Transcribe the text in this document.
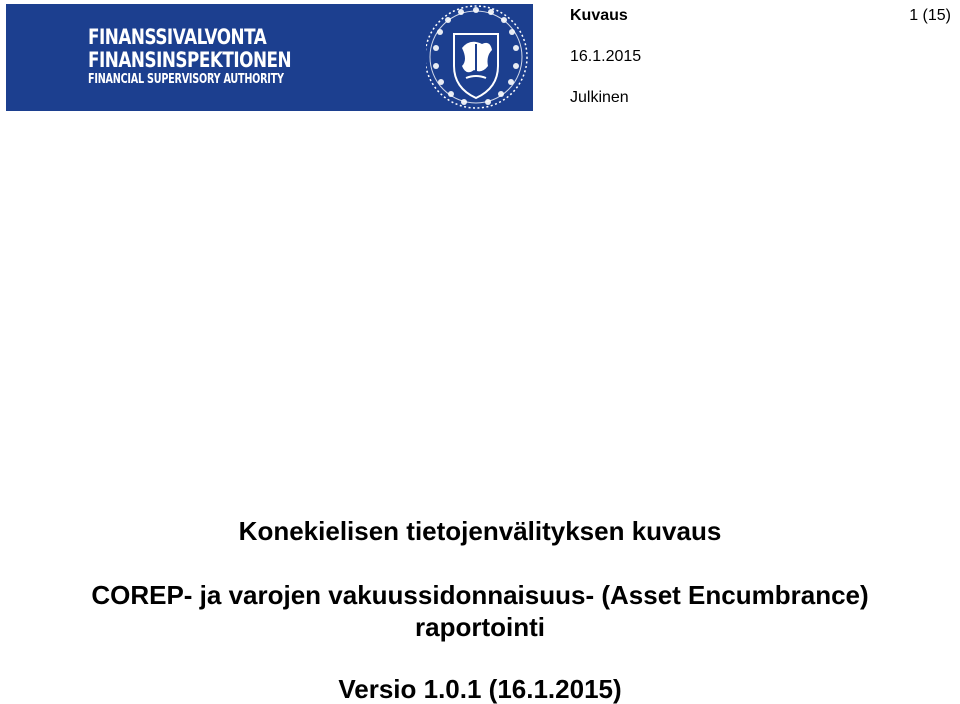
FINANSSIVALVONTA
FINANSINSPEKTIONEN
FINANCIAL SUPERVISORY AUTHORITY
Kuvaus	1 (15)
16.1.2015
Julkinen
Konekielisen tietojenvälityksen kuvaus
COREP- ja varojen vakuussidonnaisuus- (Asset Encumbrance)
raportointi
Versio 1.0.1 (16.1.2015)
